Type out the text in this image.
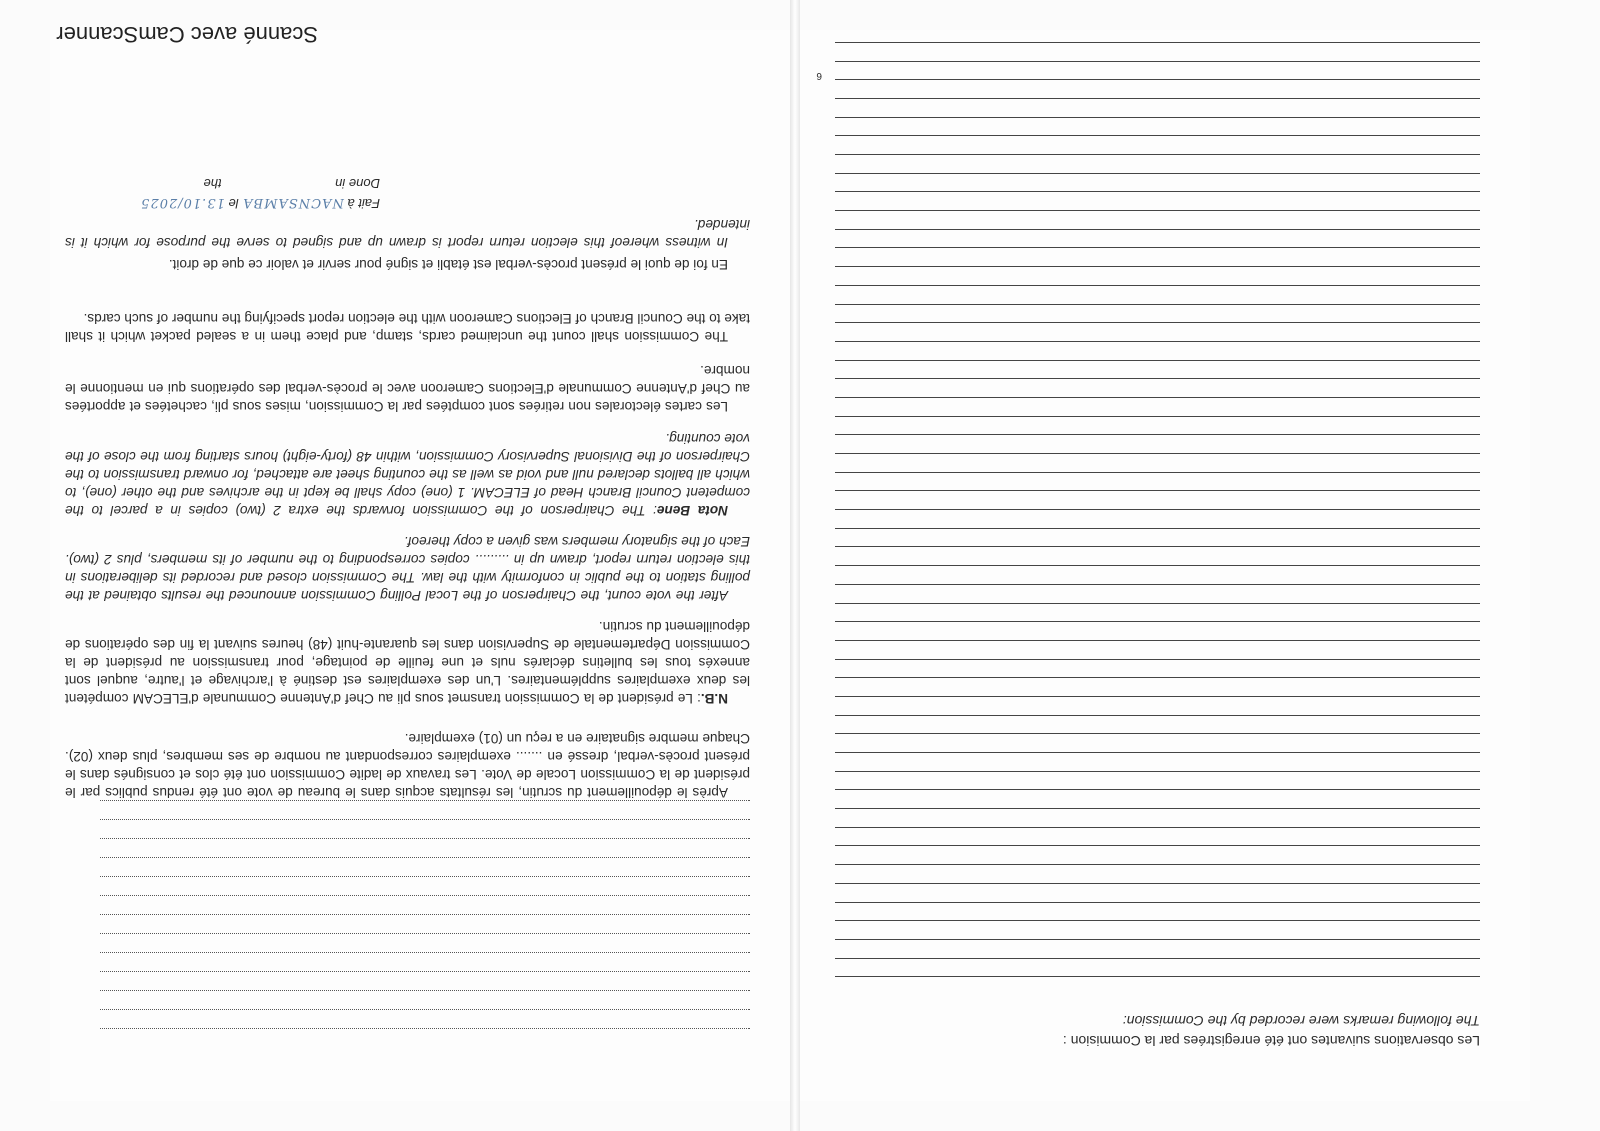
Les observations suivantes ont été enregistrées par la Commision :
The following remarks were recorded by the Commission:
6

Après le dépouillement du scrutin, les résultats acquis dans le bureau de vote ont été rendus publics par le président de la Commission Locale de Vote. Les travaux de ladite Commission ont été clos et consignés dans le présent procès-verbal, dressé en ....... exemplaires correspondant au nombre de ses membres, plus deux (02). Chaque membre signataire en a reçu un (01) exemplaire.

N.B.: Le président de la Commission transmet sous pli au Chef d'Antenne Communale d'ELECAM compétent les deux exemplaires supplémentaires. L'un des exemplaires est destiné à l'archivage et l'autre, auquel sont annexés tous les bulletins déclarés nuls et une feuille de pointage, pour transmission au président de la Commission Départementale de Supervision dans les quarante-huit (48) heures suivant la fin des opérations de dépouillement du scrutin.

After the vote count, the Chairperson of the Local Polling Commission announced the results obtained at the polling station to the public in conformity with the law. The Commission closed and recorded its deliberations in this election return report, drawn up in ......... copies corresponding to the number of its members, plus 2 (two). Each of the signatory members was given a copy thereof.

Nota Bene: The Chairperson of the Commission forwards the extra 2 (two) copies in a parcel to the competent Council Branch Head of ELECAM. 1 (one) copy shall be kept in the archives and the other (one), to which all ballots declared null and void as well as the counting sheet are attached, for onward transmission to the Chairperson of the Divisional Supervisory Commission, within 48 (forty-eight) hours starting from the close of the vote counting.

Les cartes électorales non retirées sont comptées par la Commission, mises sous pli, cachetées et apportées au Chef d'Antenne Communale d'Elections Cameroon avec le procès-verbal des opérations qui en mentionne le nombre.

The Commission shall count the unclaimed cards, stamp, and place them in a sealed packet which it shall take to the Council Branch of Elections Cameroon with the election report specifying the number of such cards.

En foi de quoi le présent procès-verbal est établi et signé pour servir et valoir ce que de droit.

In witness whereof this election return report is drawn up and signed to serve the purpose for which it is intended.

Fait à NACNSAMBA le 13.10/2025
Done in the
Scanné avec CamScanner
